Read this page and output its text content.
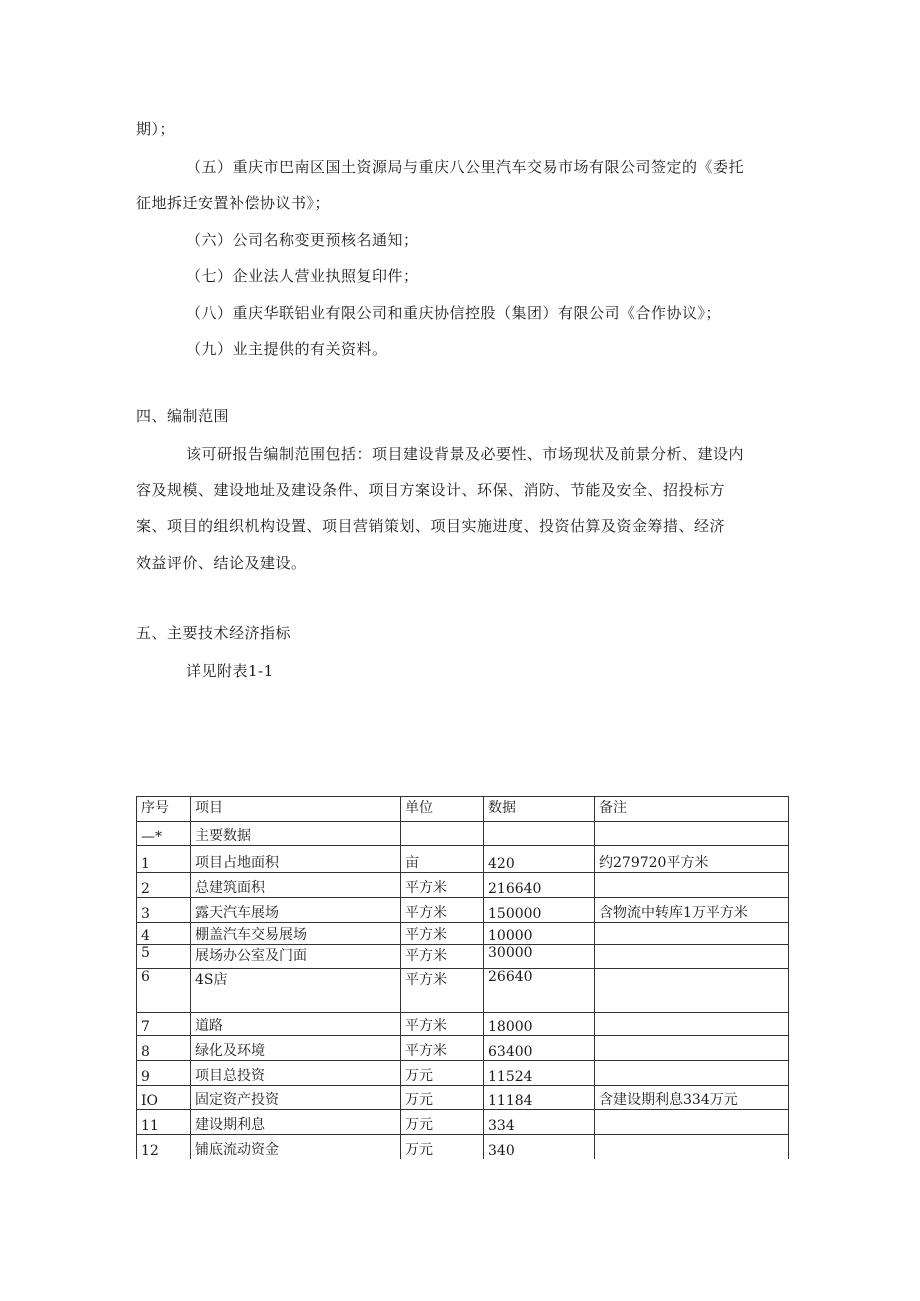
期）；
（五）重庆市巴南区国土资源局与重庆八公里汽车交易市场有限公司签定的《委托
征地拆迁安置补偿协议书》；
（六）公司名称变更预核名通知；
（七）企业法人营业执照复印件；
（八）重庆华联铝业有限公司和重庆协信控股（集团）有限公司《合作协议》；
（九）业主提供的有关资料。
四、编制范围
该可研报告编制范围包括：项目建设背景及必要性、市场现状及前景分析、建设内
容及规模、建设地址及建设条件、项目方案设计、环保、消防、节能及安全、招投标方
案、项目的组织机构设置、项目营销策划、项目实施进度、投资估算及资金筹措、经济
效益评价、结论及建设。
五、主要技术经济指标
详见附表1-1
序号	项目	单位	数据	备注
—*	主要数据			
1	项目占地面积	亩	420	约279720平方米
2	总建筑面积	平方米	216640	
3	露天汽车展场	平方米	150000	含物流中转库1万平方米
4	棚盖汽车交易展场	平方米	10000	
5	展场办公室及门面	平方米	30000	
6	4S店	平方米	26640	
7	道路	平方米	18000	
8	绿化及环境	平方米	63400	
9	项目总投资	万元	11524	
IO	固定资产投资	万元	11184	含建设期利息334万元
11	建设期利息	万元	334	
12	铺底流动资金	万元	340	
